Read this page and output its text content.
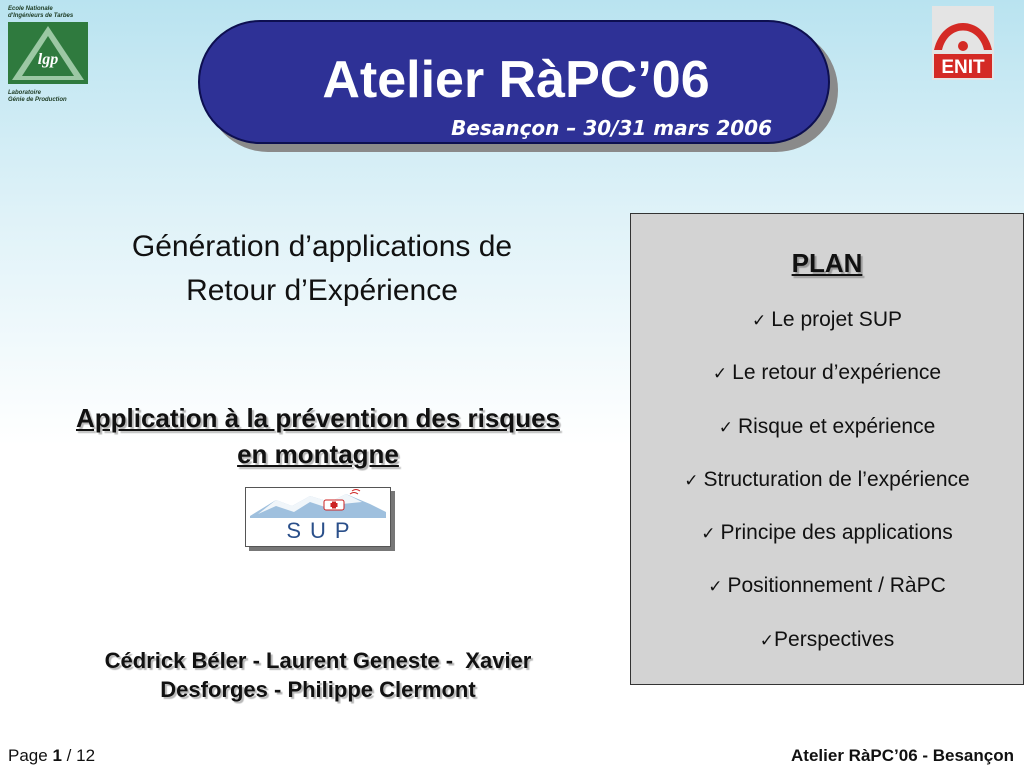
Ecole Nationale
d'Ingénieurs de Tarbes
lgp
Laboratoire
Génie de Production
ENIT
Atelier RàPC’06
Besançon – 30/31 mars 2006
Génération d’applications de
Retour d’Expérience
Application à la prévention des risques
en montagne
SUP
Cédrick Béler - Laurent Geneste -  Xavier
Desforges - Philippe Clermont
PLAN
✓ Le projet SUP
✓ Le retour d’expérience
✓ Risque et expérience
✓ Structuration de l’expérience
✓ Principe des applications
✓ Positionnement / RàPC
✓Perspectives
Page 1 / 12	Atelier RàPC’06 - Besançon
